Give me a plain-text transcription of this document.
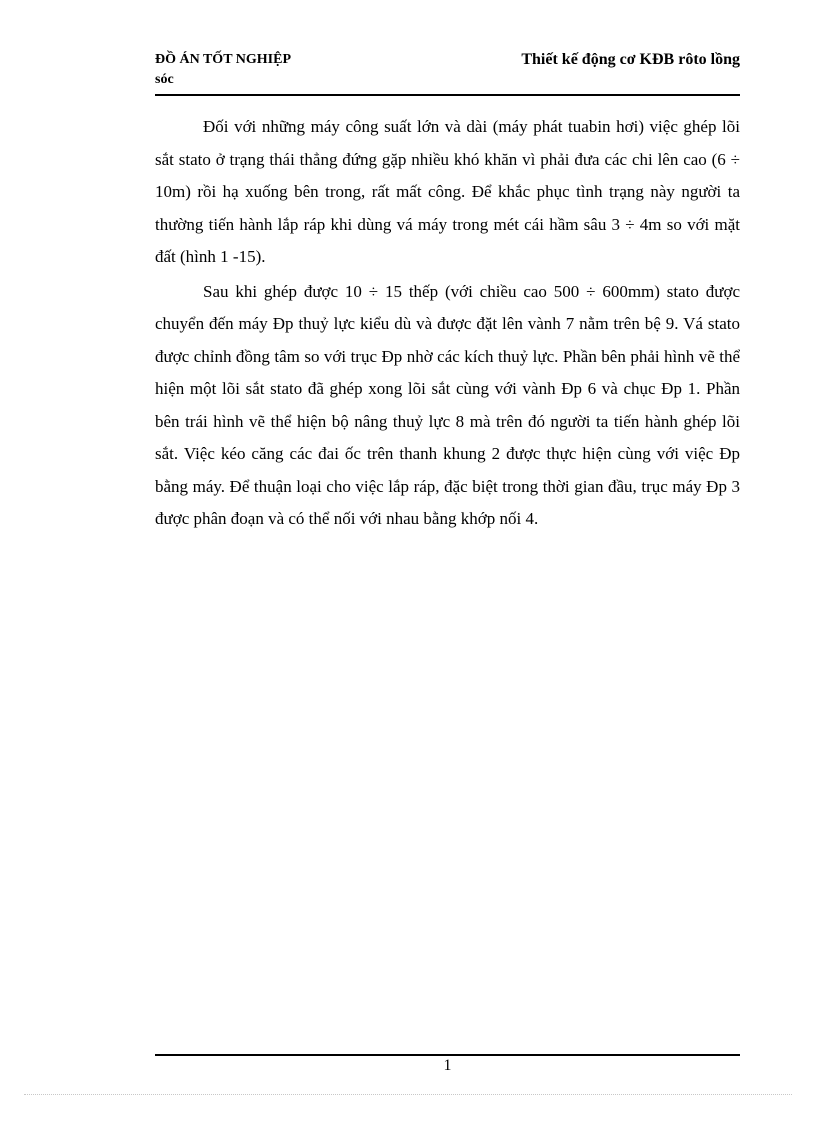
ĐỒ ÁN TỐT NGHIỆP
sóc
Thiết kế động cơ KĐB rôto lồng

Đối với những máy công suất lớn và dài (máy phát tuabin hơi) việc ghép lõi sắt stato ở trạng thái thẳng đứng gặp nhiều khó khăn vì phải đưa các chi lên cao (6 ÷ 10m) rồi hạ xuống bên trong, rất mất công. Để khắc phục tình trạng này người ta thường tiến hành lắp ráp khi dùng vá máy trong mét cái hầm sâu 3 ÷ 4m so với mặt đất (hình 1 -15).

Sau khi ghép được 10 ÷ 15 thếp (với chiều cao 500 ÷ 600mm) stato được chuyển đến máy Đp thuỷ lực kiểu dù và được đặt lên vành 7 nằm trên bệ 9. Vá stato được chỉnh đồng tâm so với trục Đp nhờ các kích thuỷ lực. Phần bên phải hình vẽ thể hiện một lõi sắt stato đã ghép xong lõi sắt cùng với vành Đp 6 và chục Đp 1. Phần bên trái hình vẽ thể hiện bộ nâng thuỷ lực 8 mà trên đó người ta tiến hành ghép lõi sắt. Việc kéo căng các đai ốc trên thanh khung 2 được thực hiện cùng với việc Đp bằng máy. Để thuận loại cho việc lắp ráp, đặc biệt trong thời gian đầu, trục máy Đp 3 được phân đoạn và có thể nối với nhau bằng khớp nối 4.

1
